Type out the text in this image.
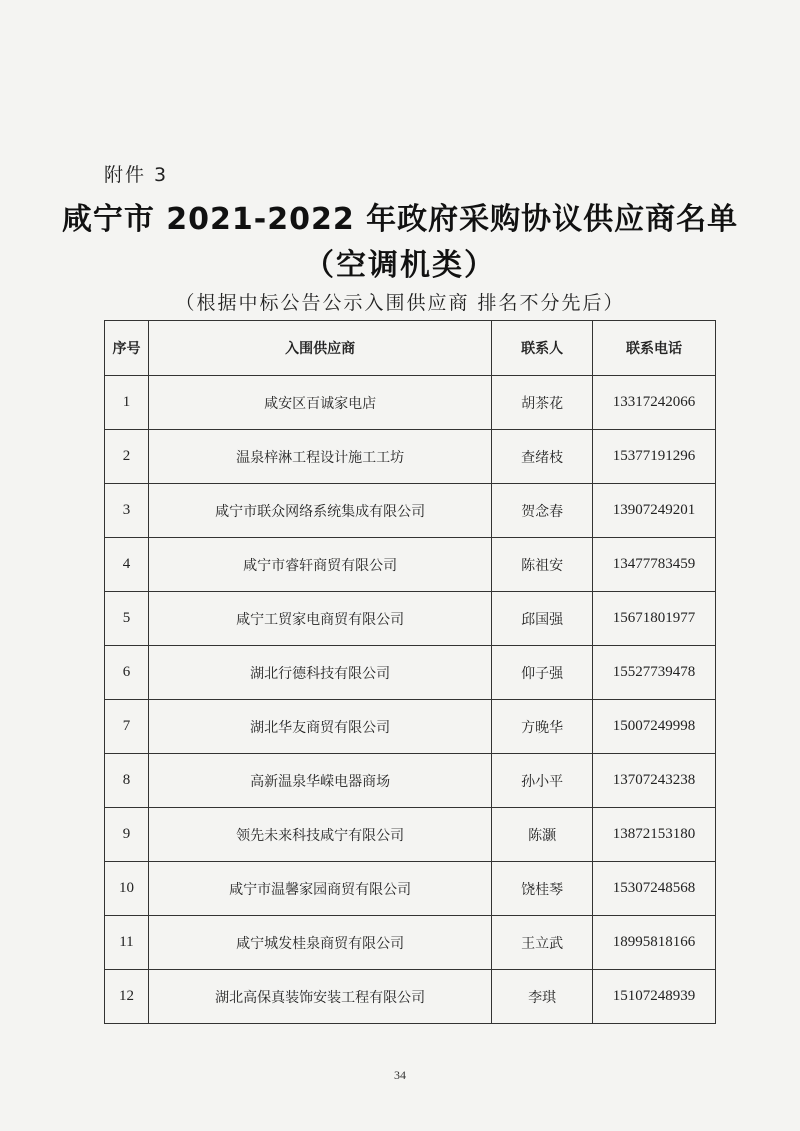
附件 3
咸宁市 2021-2022 年政府采购协议供应商名单
（空调机类）
（根据中标公告公示入围供应商 排名不分先后）
序号	入围供应商	联系人	联系电话
1	咸安区百诚家电店	胡茶花	13317242066
2	温泉梓淋工程设计施工工坊	查绪枝	15377191296
3	咸宁市联众网络系统集成有限公司	贺念春	13907249201
4	咸宁市睿轩商贸有限公司	陈祖安	13477783459
5	咸宁工贸家电商贸有限公司	邱国强	15671801977
6	湖北行德科技有限公司	仰子强	15527739478
7	湖北华友商贸有限公司	方晚华	15007249998
8	高新温泉华嵘电器商场	孙小平	13707243238
9	领先未来科技咸宁有限公司	陈灏	13872153180
10	咸宁市温馨家园商贸有限公司	饶桂琴	15307248568
11	咸宁城发桂泉商贸有限公司	王立武	18995818166
12	湖北高保真装饰安装工程有限公司	李琪	15107248939
34
